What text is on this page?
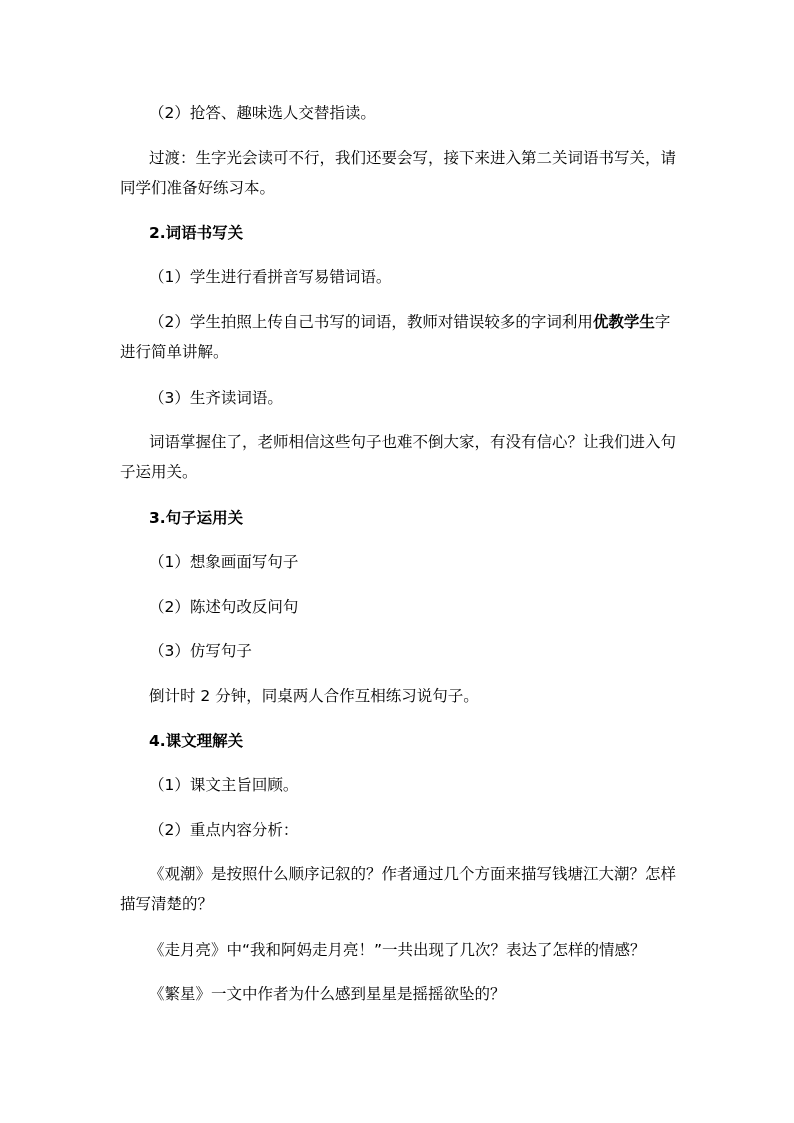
（2）抢答、趣味选人交替指读。

过渡：生字光会读可不行，我们还要会写，接下来进入第二关词语书写关，请同学们准备好练习本。

2.词语书写关

（1）学生进行看拼音写易错词语。

（2）学生拍照上传自己书写的词语，教师对错误较多的字词利用优教学生字进行简单讲解。

（3）生齐读词语。

词语掌握住了，老师相信这些句子也难不倒大家，有没有信心？让我们进入句子运用关。

3.句子运用关

（1）想象画面写句子

（2）陈述句改反问句

（3）仿写句子

倒计时 2 分钟，同桌两人合作互相练习说句子。

4.课文理解关

（1）课文主旨回顾。

（2）重点内容分析：

《观潮》是按照什么顺序记叙的？作者通过几个方面来描写钱塘江大潮？怎样描写清楚的？

《走月亮》中“我和阿妈走月亮！”一共出现了几次？表达了怎样的情感？

《繁星》一文中作者为什么感到星星是摇摇欲坠的？
